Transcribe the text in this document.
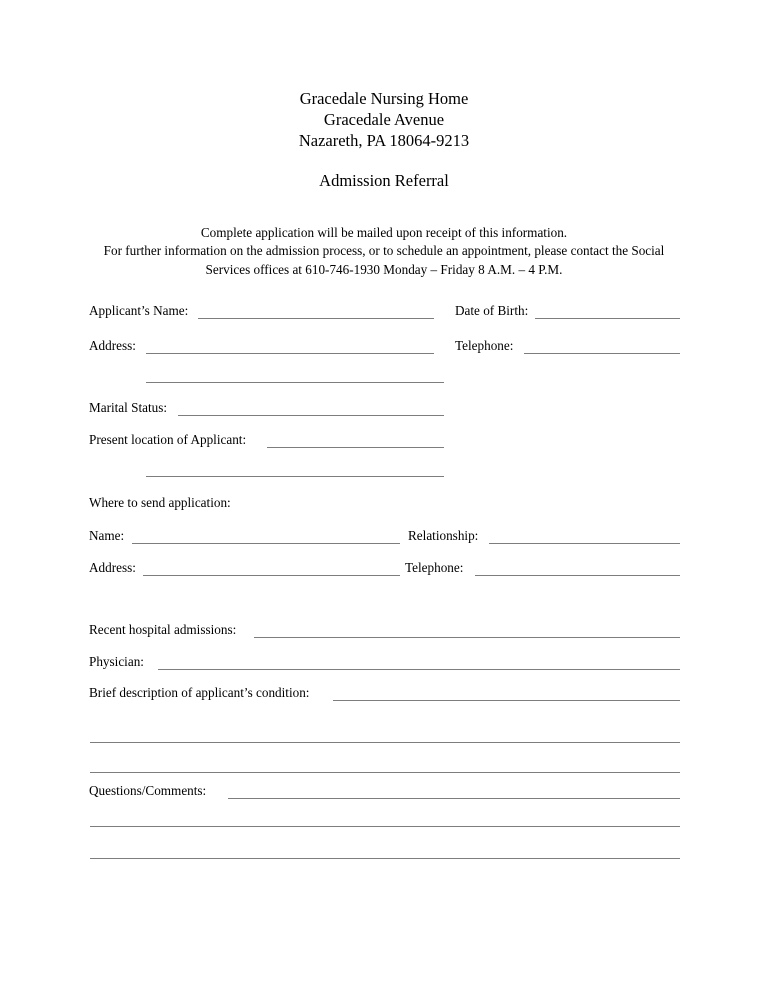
Gracedale Nursing Home
Gracedale Avenue
Nazareth, PA 18064-9213
Admission Referral
Complete application will be mailed upon receipt of this information.
For further information on the admission process, or to schedule an appointment, please contact the Social
Services offices at 610-746-1930 Monday – Friday 8 A.M. – 4 P.M.
Applicant’s Name:	Date of Birth:
Address:	Telephone:
Marital Status:
Present location of Applicant:
Where to send application:
Name:	Relationship:
Address:	Telephone:
Recent hospital admissions:
Physician:
Brief description of applicant’s condition:
Questions/Comments:
